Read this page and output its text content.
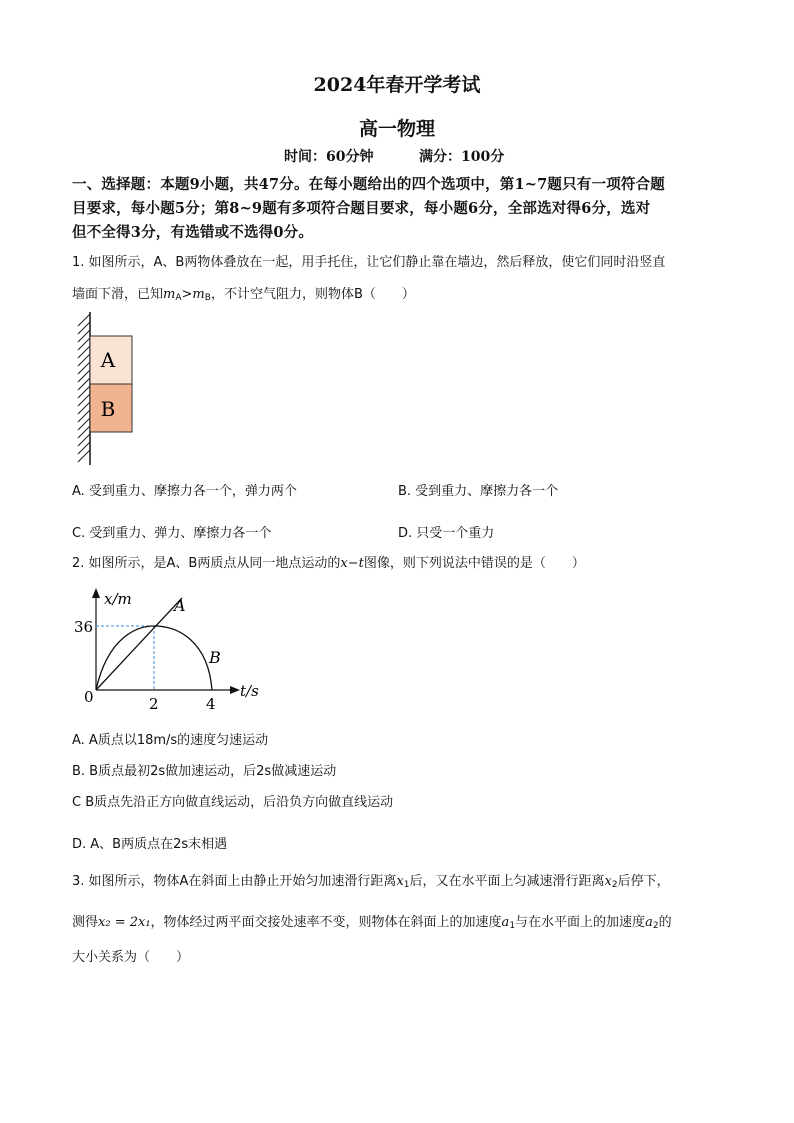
2024年春开学考试
高一物理
时间：60分钟	满分：100分
一、选择题：本题9小题，共47分。在每小题给出的四个选项中，第1~7题只有一项符合题
目要求，每小题5分；第8~9题有多项符合题目要求，每小题6分，全部选对得6分，选对
但不全得3分，有选错或不选得0分。
1. 如图所示，A、B两物体叠放在一起，用手托住，让它们静止靠在墙边，然后释放，使它们同时沿竖直
墙面下滑，已知$m_A>m_B$，不计空气阻力，则物体B（　　）
A
B
A. 受到重力、摩擦力各一个，弹力两个	B. 受到重力、摩擦力各一个
C. 受到重力、弹力、摩擦力各一个	D. 只受一个重力
2. 如图所示，是A、B两质点从同一地点运动的x−t图像，则下列说法中错误的是（　　）
x/m
t/s
0
36
2	4
A
B
A. A质点以18m/s的速度匀速运动
B. B质点最初2s做加速运动，后2s做减速运动
C B质点先沿正方向做直线运动，后沿负方向做直线运动
D. A、B两质点在2s末相遇
3. 如图所示，物体A在斜面上由静止开始匀加速滑行距离$x_1$后，又在水平面上匀减速滑行距离$x_2$后停下，
测得x₂ = 2x₁，物体经过两平面交接处速率不变，则物体在斜面上的加速度$a_1$与在水平面上的加速度$a_2$的
大小关系为（　　）
